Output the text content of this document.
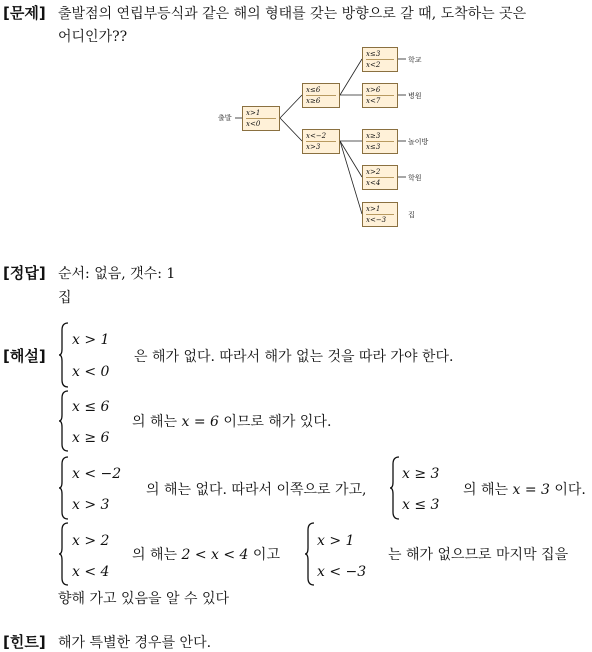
[문제] 출발점의 연립부등식과 같은 해의 형태를 갖는 방향으로 갈 때, 도착하는 곳은
어디인가??
출발
x>1
x<0
x≤6
x≥6
x<−2
x>3
x≤3
x<2
학교
x>6
x<7
병원
x≥3
x≤3
놀이방
x>2
x<4
학원
x>1
x<−3
집
[정답] 순서: 없음, 갯수: 1
집
[해설]
x > 1
x < 0
은 해가 없다. 따라서 해가 없는 것을 따라 가야 한다.
x ≤ 6
x ≥ 6
의 해는 x = 6 이므로 해가 있다.
x < −2
x > 3
의 해는 없다. 따라서 이쪽으로 가고,
x ≥ 3
x ≤ 3
의 해는 x = 3 이다.
x > 2
x < 4
의 해는 2 < x < 4 이고
x > 1
x < −3
는 해가 없으므로 마지막 집을
향해 가고 있음을 알 수 있다
[힌트] 해가 특별한 경우를 안다.
